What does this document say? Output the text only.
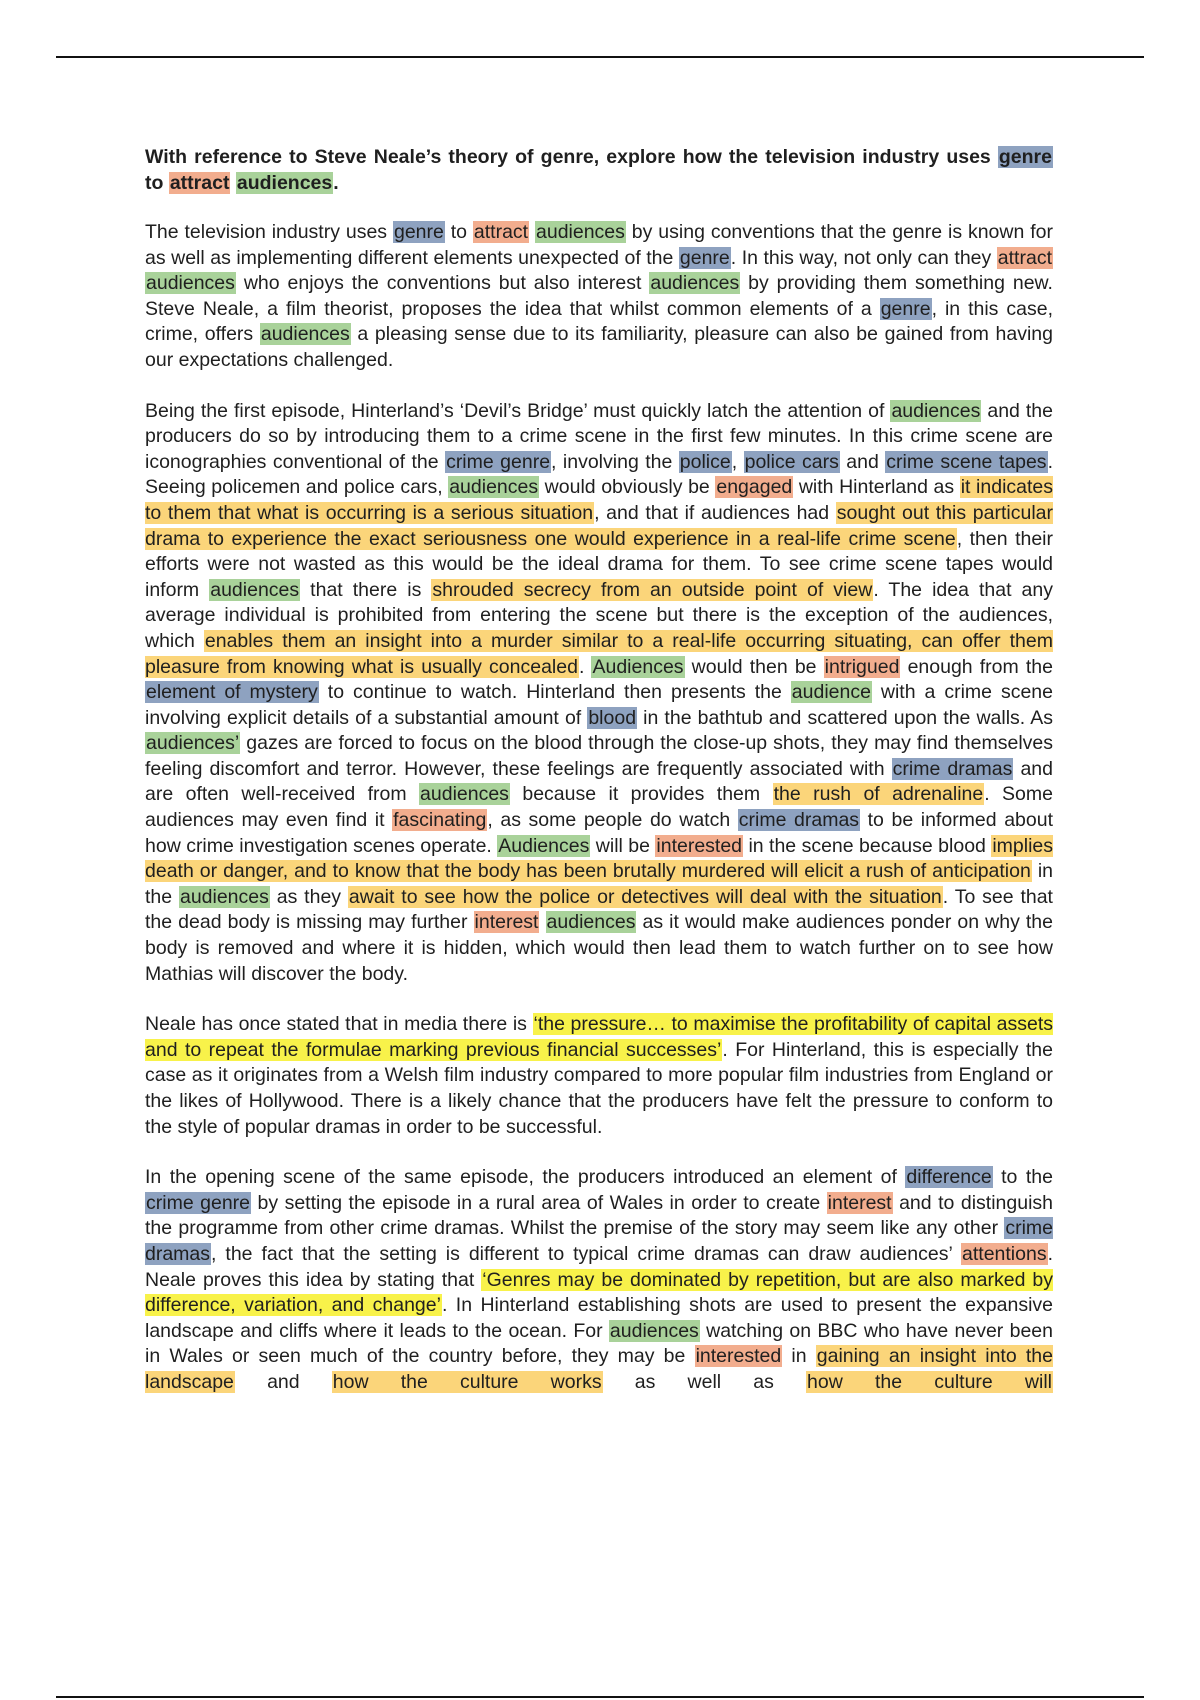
With reference to Steve Neale’s theory of genre, explore how the television industry uses genre to attract audiences.

The television industry uses genre to attract audiences by using conventions that the genre is known for as well as implementing different elements unexpected of the genre. In this way, not only can they attract audiences who enjoys the conventions but also interest audiences by providing them something new. Steve Neale, a film theorist, proposes the idea that whilst common elements of a genre, in this case, crime, offers audiences a pleasing sense due to its familiarity, pleasure can also be gained from having our expectations challenged.

Being the first episode, Hinterland’s ‘Devil’s Bridge’ must quickly latch the attention of audiences and the producers do so by introducing them to a crime scene in the first few minutes. In this crime scene are iconographies conventional of the crime genre, involving the police, police cars and crime scene tapes. Seeing policemen and police cars, audiences would obviously be engaged with Hinterland as it indicates to them that what is occurring is a serious situation, and that if audiences had sought out this particular drama to experience the exact seriousness one would experience in a real-life crime scene, then their efforts were not wasted as this would be the ideal drama for them. To see crime scene tapes would inform audiences that there is shrouded secrecy from an outside point of view. The idea that any average individual is prohibited from entering the scene but there is the exception of the audiences, which enables them an insight into a murder similar to a real-life occurring situating, can offer them pleasure from knowing what is usually concealed. Audiences would then be intrigued enough from the element of mystery to continue to watch. Hinterland then presents the audience with a crime scene involving explicit details of a substantial amount of blood in the bathtub and scattered upon the walls. As audiences’ gazes are forced to focus on the blood through the close-up shots, they may find themselves feeling discomfort and terror. However, these feelings are frequently associated with crime dramas and are often well-received from audiences because it provides them the rush of adrenaline. Some audiences may even find it fascinating, as some people do watch crime dramas to be informed about how crime investigation scenes operate. Audiences will be interested in the scene because blood implies death or danger, and to know that the body has been brutally murdered will elicit a rush of anticipation in the audiences as they await to see how the police or detectives will deal with the situation. To see that the dead body is missing may further interest audiences as it would make audiences ponder on why the body is removed and where it is hidden, which would then lead them to watch further on to see how Mathias will discover the body.

Neale has once stated that in media there is ‘the pressure… to maximise the profitability of capital assets and to repeat the formulae marking previous financial successes’. For Hinterland, this is especially the case as it originates from a Welsh film industry compared to more popular film industries from England or the likes of Hollywood. There is a likely chance that the producers have felt the pressure to conform to the style of popular dramas in order to be successful.

In the opening scene of the same episode, the producers introduced an element of difference to the crime genre by setting the episode in a rural area of Wales in order to create interest and to distinguish the programme from other crime dramas. Whilst the premise of the story may seem like any other crime dramas, the fact that the setting is different to typical crime dramas can draw audiences’ attentions. Neale proves this idea by stating that ‘Genres may be dominated by repetition, but are also marked by difference, variation, and change’. In Hinterland establishing shots are used to present the expansive landscape and cliffs where it leads to the ocean. For audiences watching on BBC who have never been in Wales or seen much of the country before, they may be interested in gaining an insight into the landscape and how the culture works as well as how the culture will
